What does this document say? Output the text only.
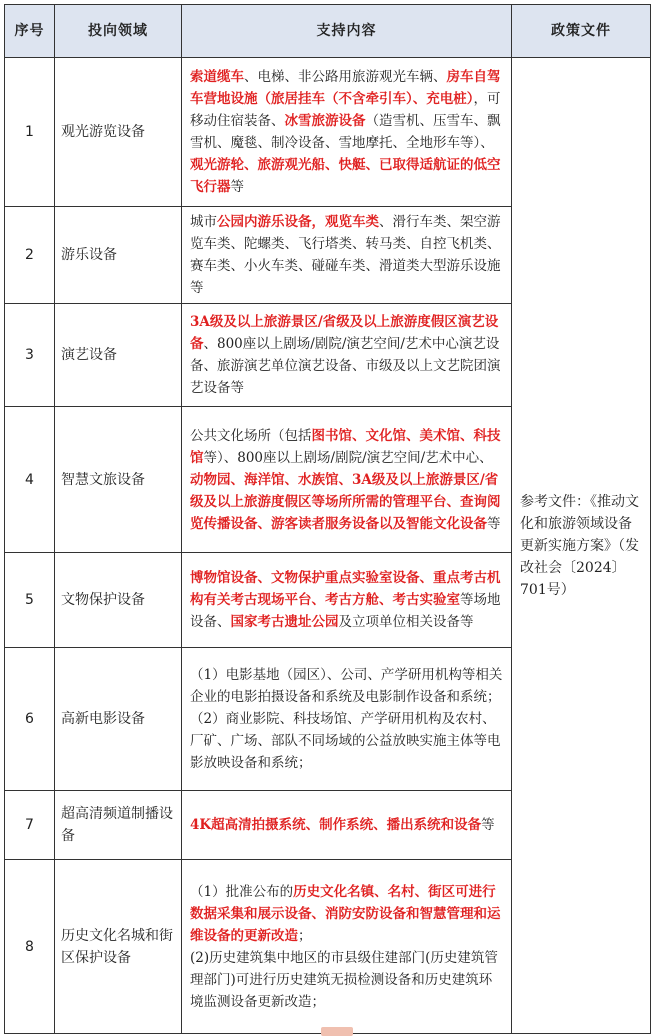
序号	投向领域	支持内容	政策文件
1	观光游览设备	索道缆车、电梯、非公路用旅游观光车辆、房车自驾车营地设施（旅居挂车（不含牵引车）、充电桩），可移动住宿装备、冰雪旅游设备（造雪机、压雪车、飘雪机、魔毯、制冷设备、雪地摩托、全地形车等）、观光游轮、旅游观光船、快艇、已取得适航证的低空飞行器等	参考文件：《推动文化和旅游领域设备更新实施方案》（发改社会〔2024〕701号）
2	游乐设备	城市公园内游乐设备，观览车类、滑行车类、架空游览车类、陀螺类、飞行塔类、转马类、自控飞机类、赛车类、小火车类、碰碰车类、滑道类大型游乐设施等	
3	演艺设备	3A级及以上旅游景区/省级及以上旅游度假区演艺设备、800座以上剧场/剧院/演艺空间/艺术中心演艺设备、旅游演艺单位演艺设备、市级及以上文艺院团演艺设备等	
4	智慧文旅设备	公共文化场所（包括图书馆、文化馆、美术馆、科技馆等）、800座以上剧场/剧院/演艺空间/艺术中心、动物园、海洋馆、水族馆、3A级及以上旅游景区/省级及以上旅游度假区等场所所需的管理平台、查询阅览传播设备、游客读者服务设备以及智能文化设备等	
5	文物保护设备	博物馆设备、文物保护重点实验室设备、重点考古机构有关考古现场平台、考古方舱、考古实验室等场地设备、国家考古遗址公园及立项单位相关设备等	
6	高新电影设备	（1）电影基地（园区）、公司、产学研用机构等相关企业的电影拍摄设备和系统及电影制作设备和系统；
（2）商业影院、科技场馆、产学研用机构及农村、厂矿、广场、部队不同场域的公益放映实施主体等电影放映设备和系统；	

7	超高清频道制播设备	4K超高清拍摄系统、制作系统、播出系统和设备等	
8	历史文化名城和街区保护设备	（1）批准公布的历史文化名镇、名村、街区可进行数据采集和展示设备、消防安防设备和智慧管理和运维设备的更新改造；
(2)历史建筑集中地区的市县级住建部门(历史建筑管理部门)可进行历史建筑无损检测设备和历史建筑环境监测设备更新改造；	
